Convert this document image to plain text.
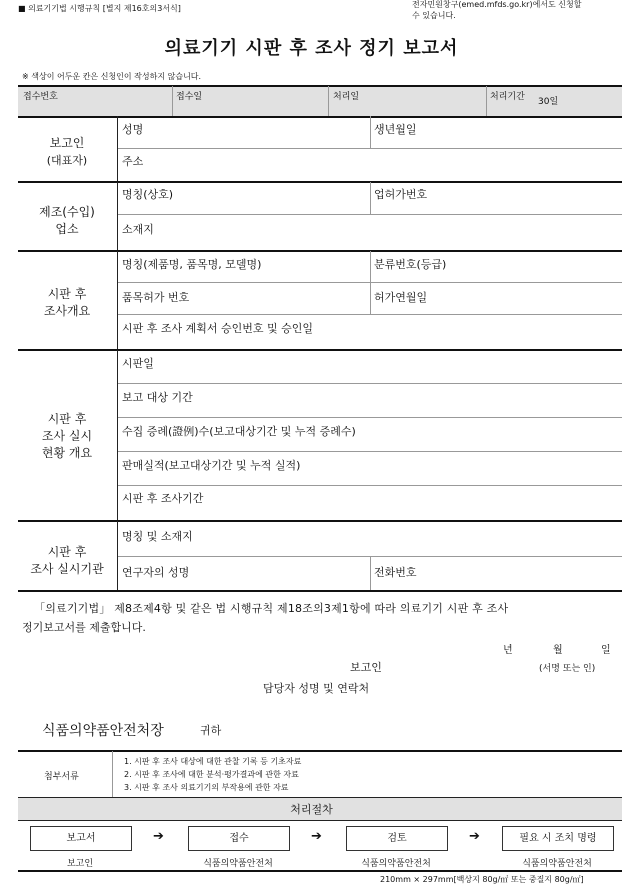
■ 의료기기법 시행규칙 [별지 제16호의3서식]	전자민원창구(emed.mfds.go.kr)에서도 신청할
수 있습니다.
의료기기 시판 후 조사 정기 보고서
※ 색상이 어두운 칸은 신청인이 작성하지 않습니다.
접수번호	접수일	처리일	처리기간 30일
보고인
(대표자)
성명	생년월일
주소
제조(수입)
업소
명칭(상호)	업허가번호
소재지
시판 후
조사개요
명칭(제품명, 품목명, 모델명)	분류번호(등급)
품목허가 번호	허가연월일
시판 후 조사 계획서 승인번호 및 승인일
시판 후
조사 실시
현황 개요
시판일
보고 대상 기간
수집 증례(證例)수(보고대상기간 및 누적 증례수)
판매실적(보고대상기간 및 누적 실적)
시판 후 조사기간
시판 후
조사 실시기관
명칭 및 소재지
연구자의 성명	전화번호
「의료기기법」 제8조제4항 및 같은 법 시행규칙 제18조의3제1항에 따라 의료기기 시판 후 조사
정기보고서를 제출합니다.
년	월	일
보고인	(서명 또는 인)
담당자 성명 및 연락처
식품의약품안전처장	귀하
첨부서류
1. 시판 후 조사 대상에 대한 관찰 기록 등 기초자료
2. 시판 후 조사에 대한 분석·평가결과에 관한 자료
3. 시판 후 조사 의료기기의 부작용에 관한 자료
처리절차
보고서	➔	접수	➔	검토	➔	필요 시 조치 명령
보고인	식품의약품안전처	식품의약품안전처	식품의약품안전처
210mm × 297mm[백상지 80g/㎡ 또는 중질지 80g/㎡]
